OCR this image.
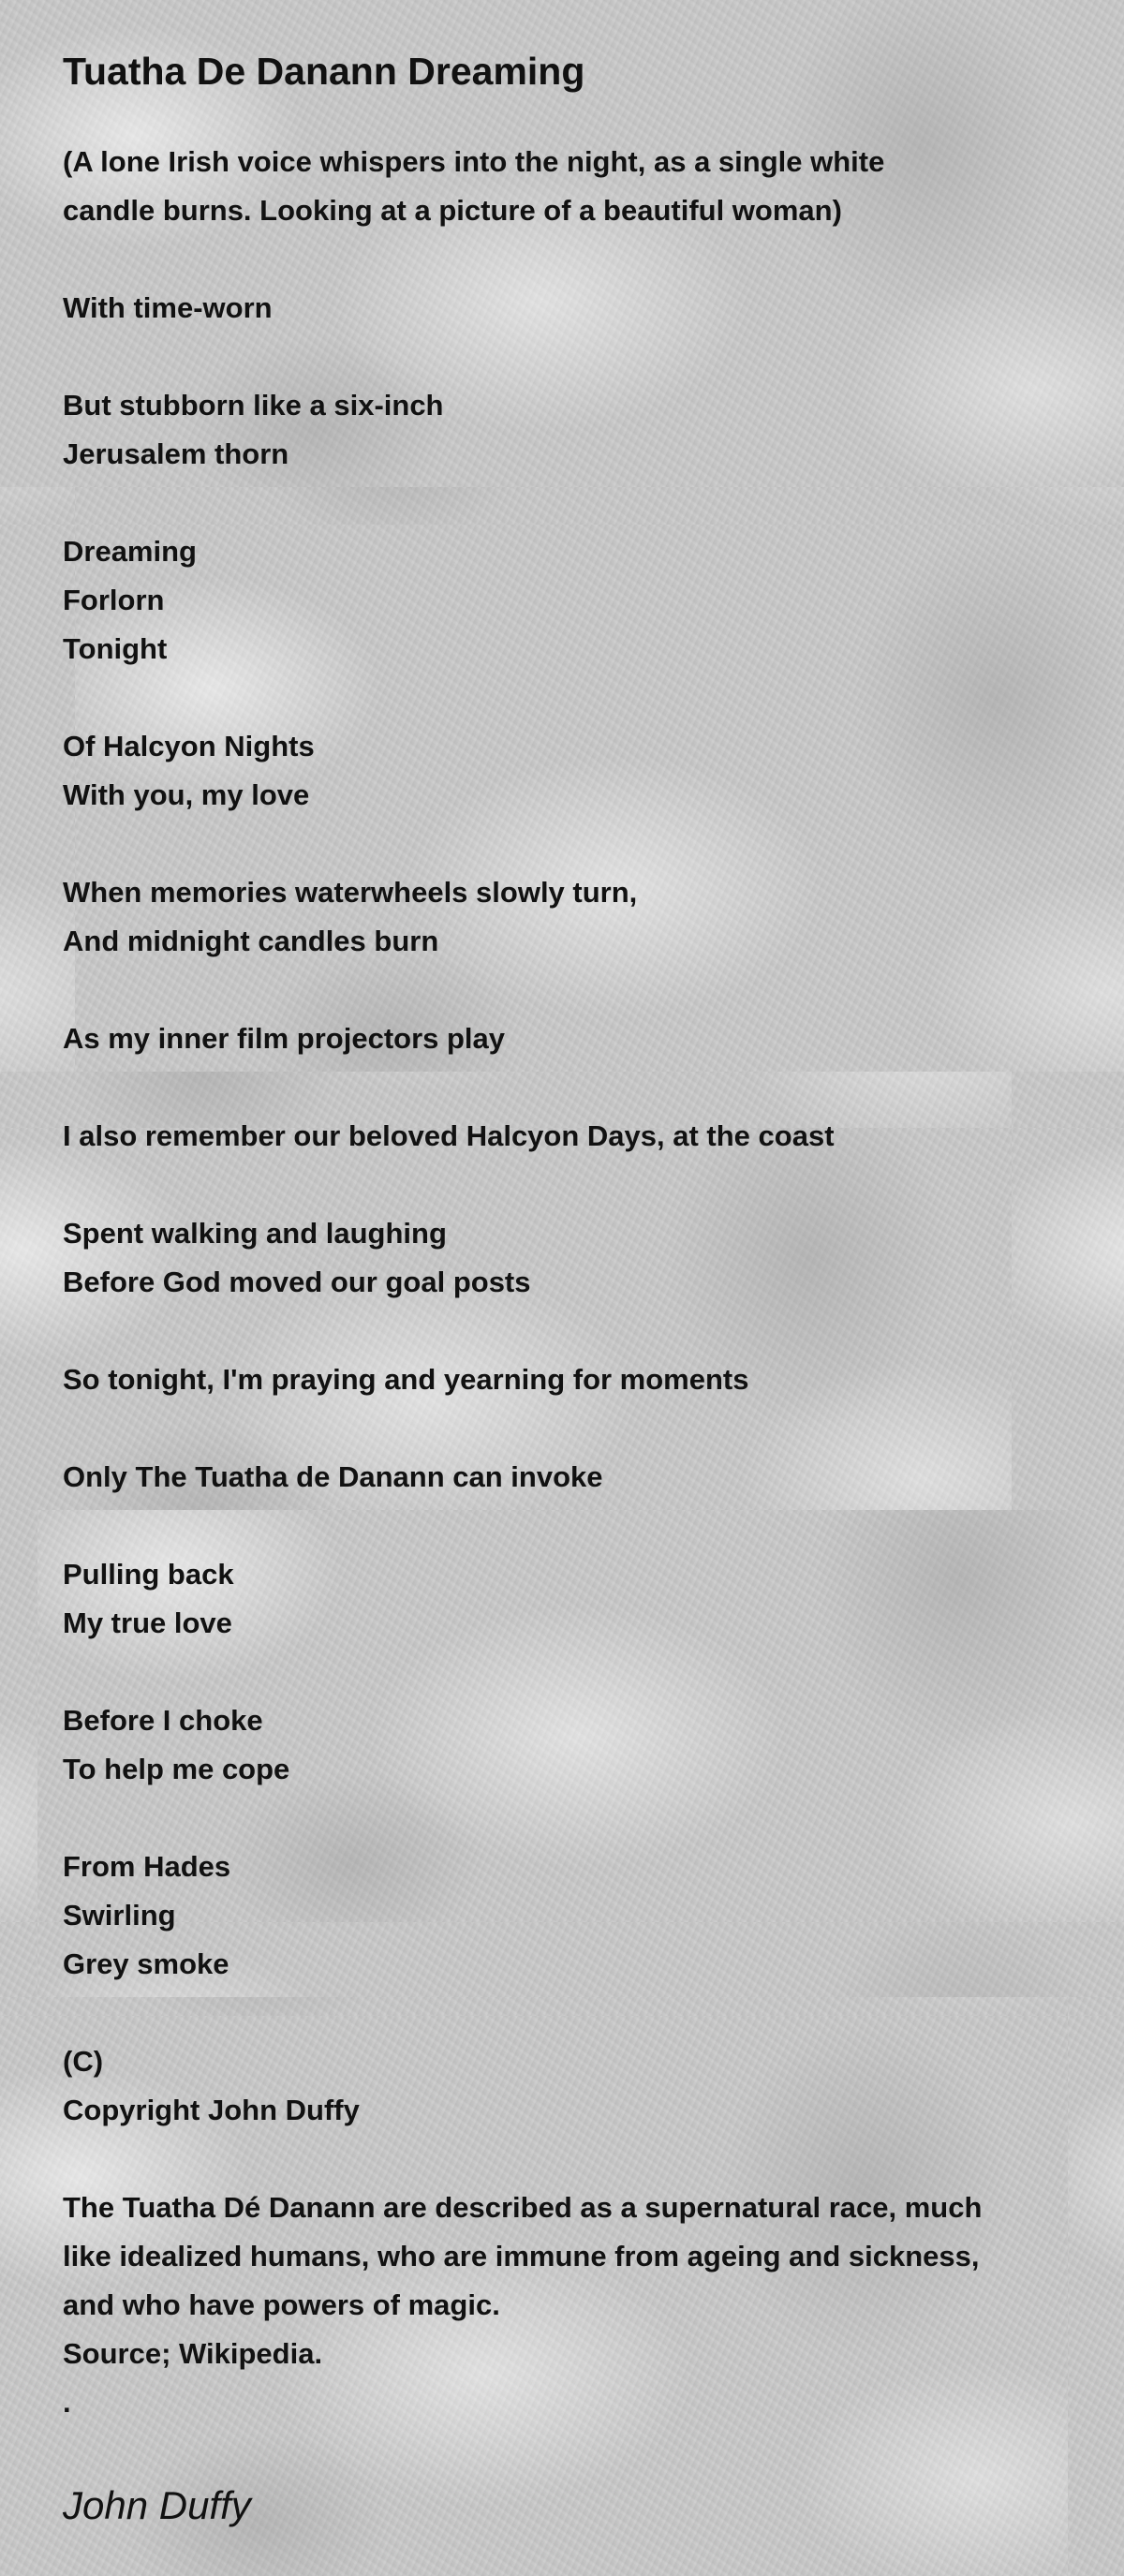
Tuatha De Danann Dreaming
(A lone Irish voice whispers into the night, as a single white
candle burns. Looking at a picture of a beautiful woman)
With time-worn
But stubborn like a six-inch
Jerusalem thorn
Dreaming
Forlorn
Tonight
Of Halcyon Nights
With you, my love
When memories waterwheels slowly turn,
And midnight candles burn
As my inner film projectors play
I also remember our beloved Halcyon Days, at the coast
Spent walking and laughing
Before God moved our goal posts
So tonight, I'm praying and yearning for moments
Only The Tuatha de Danann can invoke
Pulling back
My true love
Before I choke
To help me cope
From Hades
Swirling
Grey smoke
(C)
Copyright John Duffy
The Tuatha Dé Danann are described as a supernatural race, much
like idealized humans, who are immune from ageing and sickness,
and who have powers of magic.
Source; Wikipedia.
.
John Duffy
